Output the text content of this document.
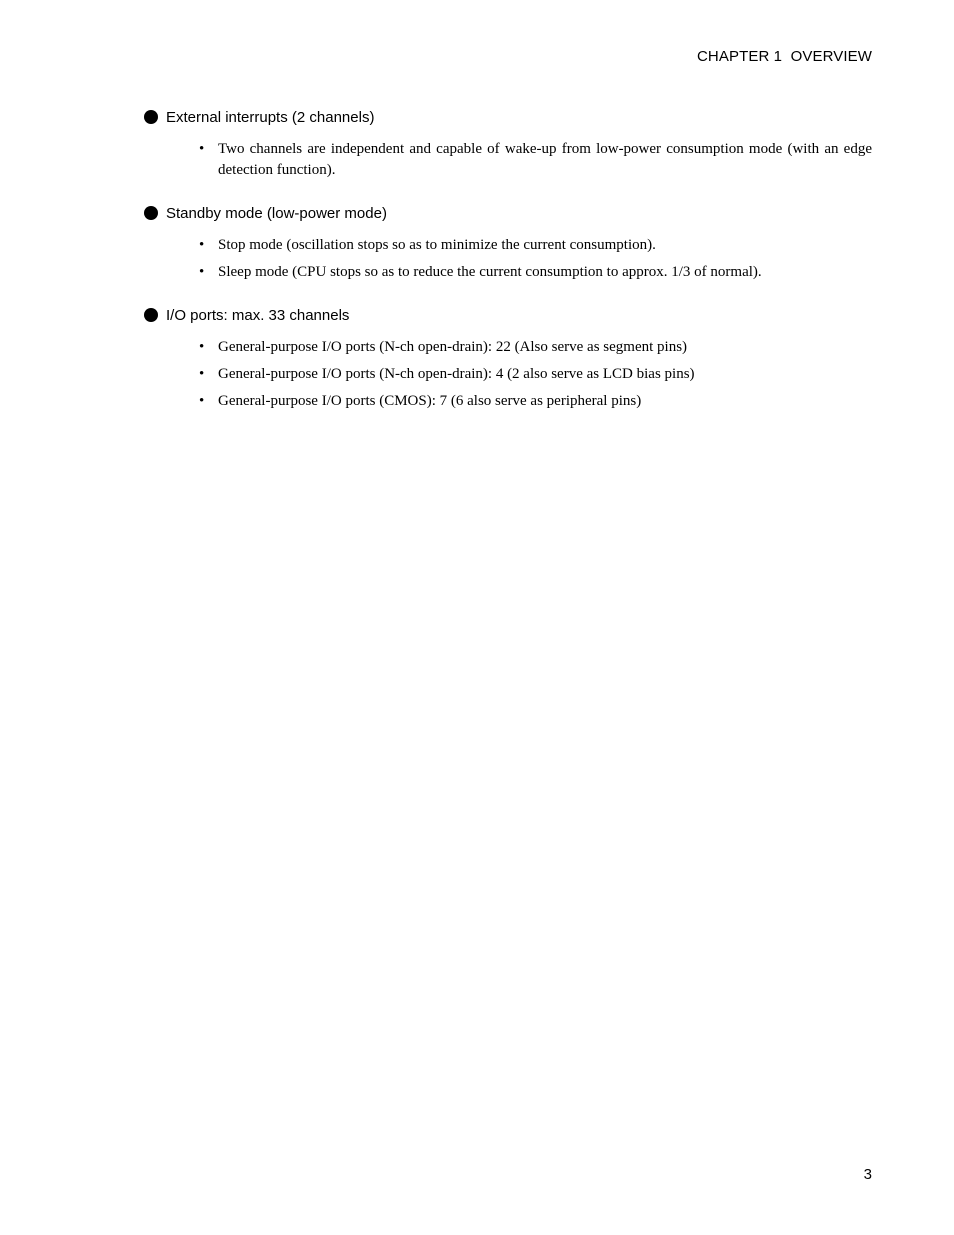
CHAPTER 1  OVERVIEW
External interrupts (2 channels)
• Two channels are independent and capable of wake-up from low-power consumption mode (with an edge detection function).
Standby mode (low-power mode)
• Stop mode (oscillation stops so as to minimize the current consumption).
• Sleep mode (CPU stops so as to reduce the current consumption to approx. 1/3 of normal).
I/O ports: max. 33 channels
• General-purpose I/O ports (N-ch open-drain): 22 (Also serve as segment pins)
• General-purpose I/O ports (N-ch open-drain): 4 (2 also serve as LCD bias pins)
• General-purpose I/O ports (CMOS): 7 (6 also serve as peripheral pins)
3
